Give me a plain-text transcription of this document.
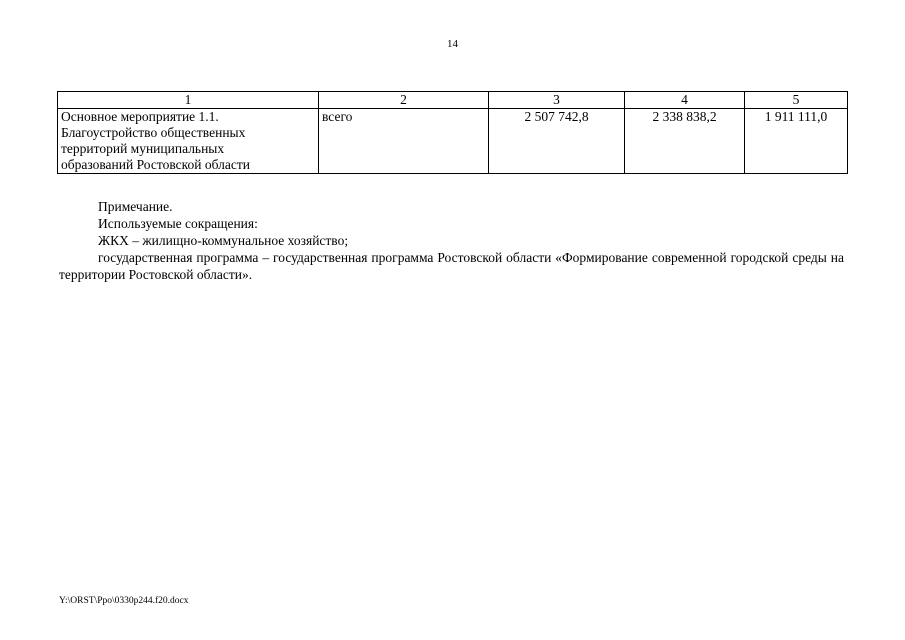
14
1	2	3	4	5

Основное мероприятие 1.1.
Благоустройство общественных
территорий муниципальных
образований Ростовской области	всего	2 507 742,8	2 338 838,2	1 911 111,0

Примечание.

Используемые сокращения:

ЖКХ – жилищно-коммунальное хозяйство;

государственная программа – государственная программа Ростовской области «Формирование современной городской среды на территории Ростовской области».

Y:\ORST\Ppo\0330p244.f20.docx
